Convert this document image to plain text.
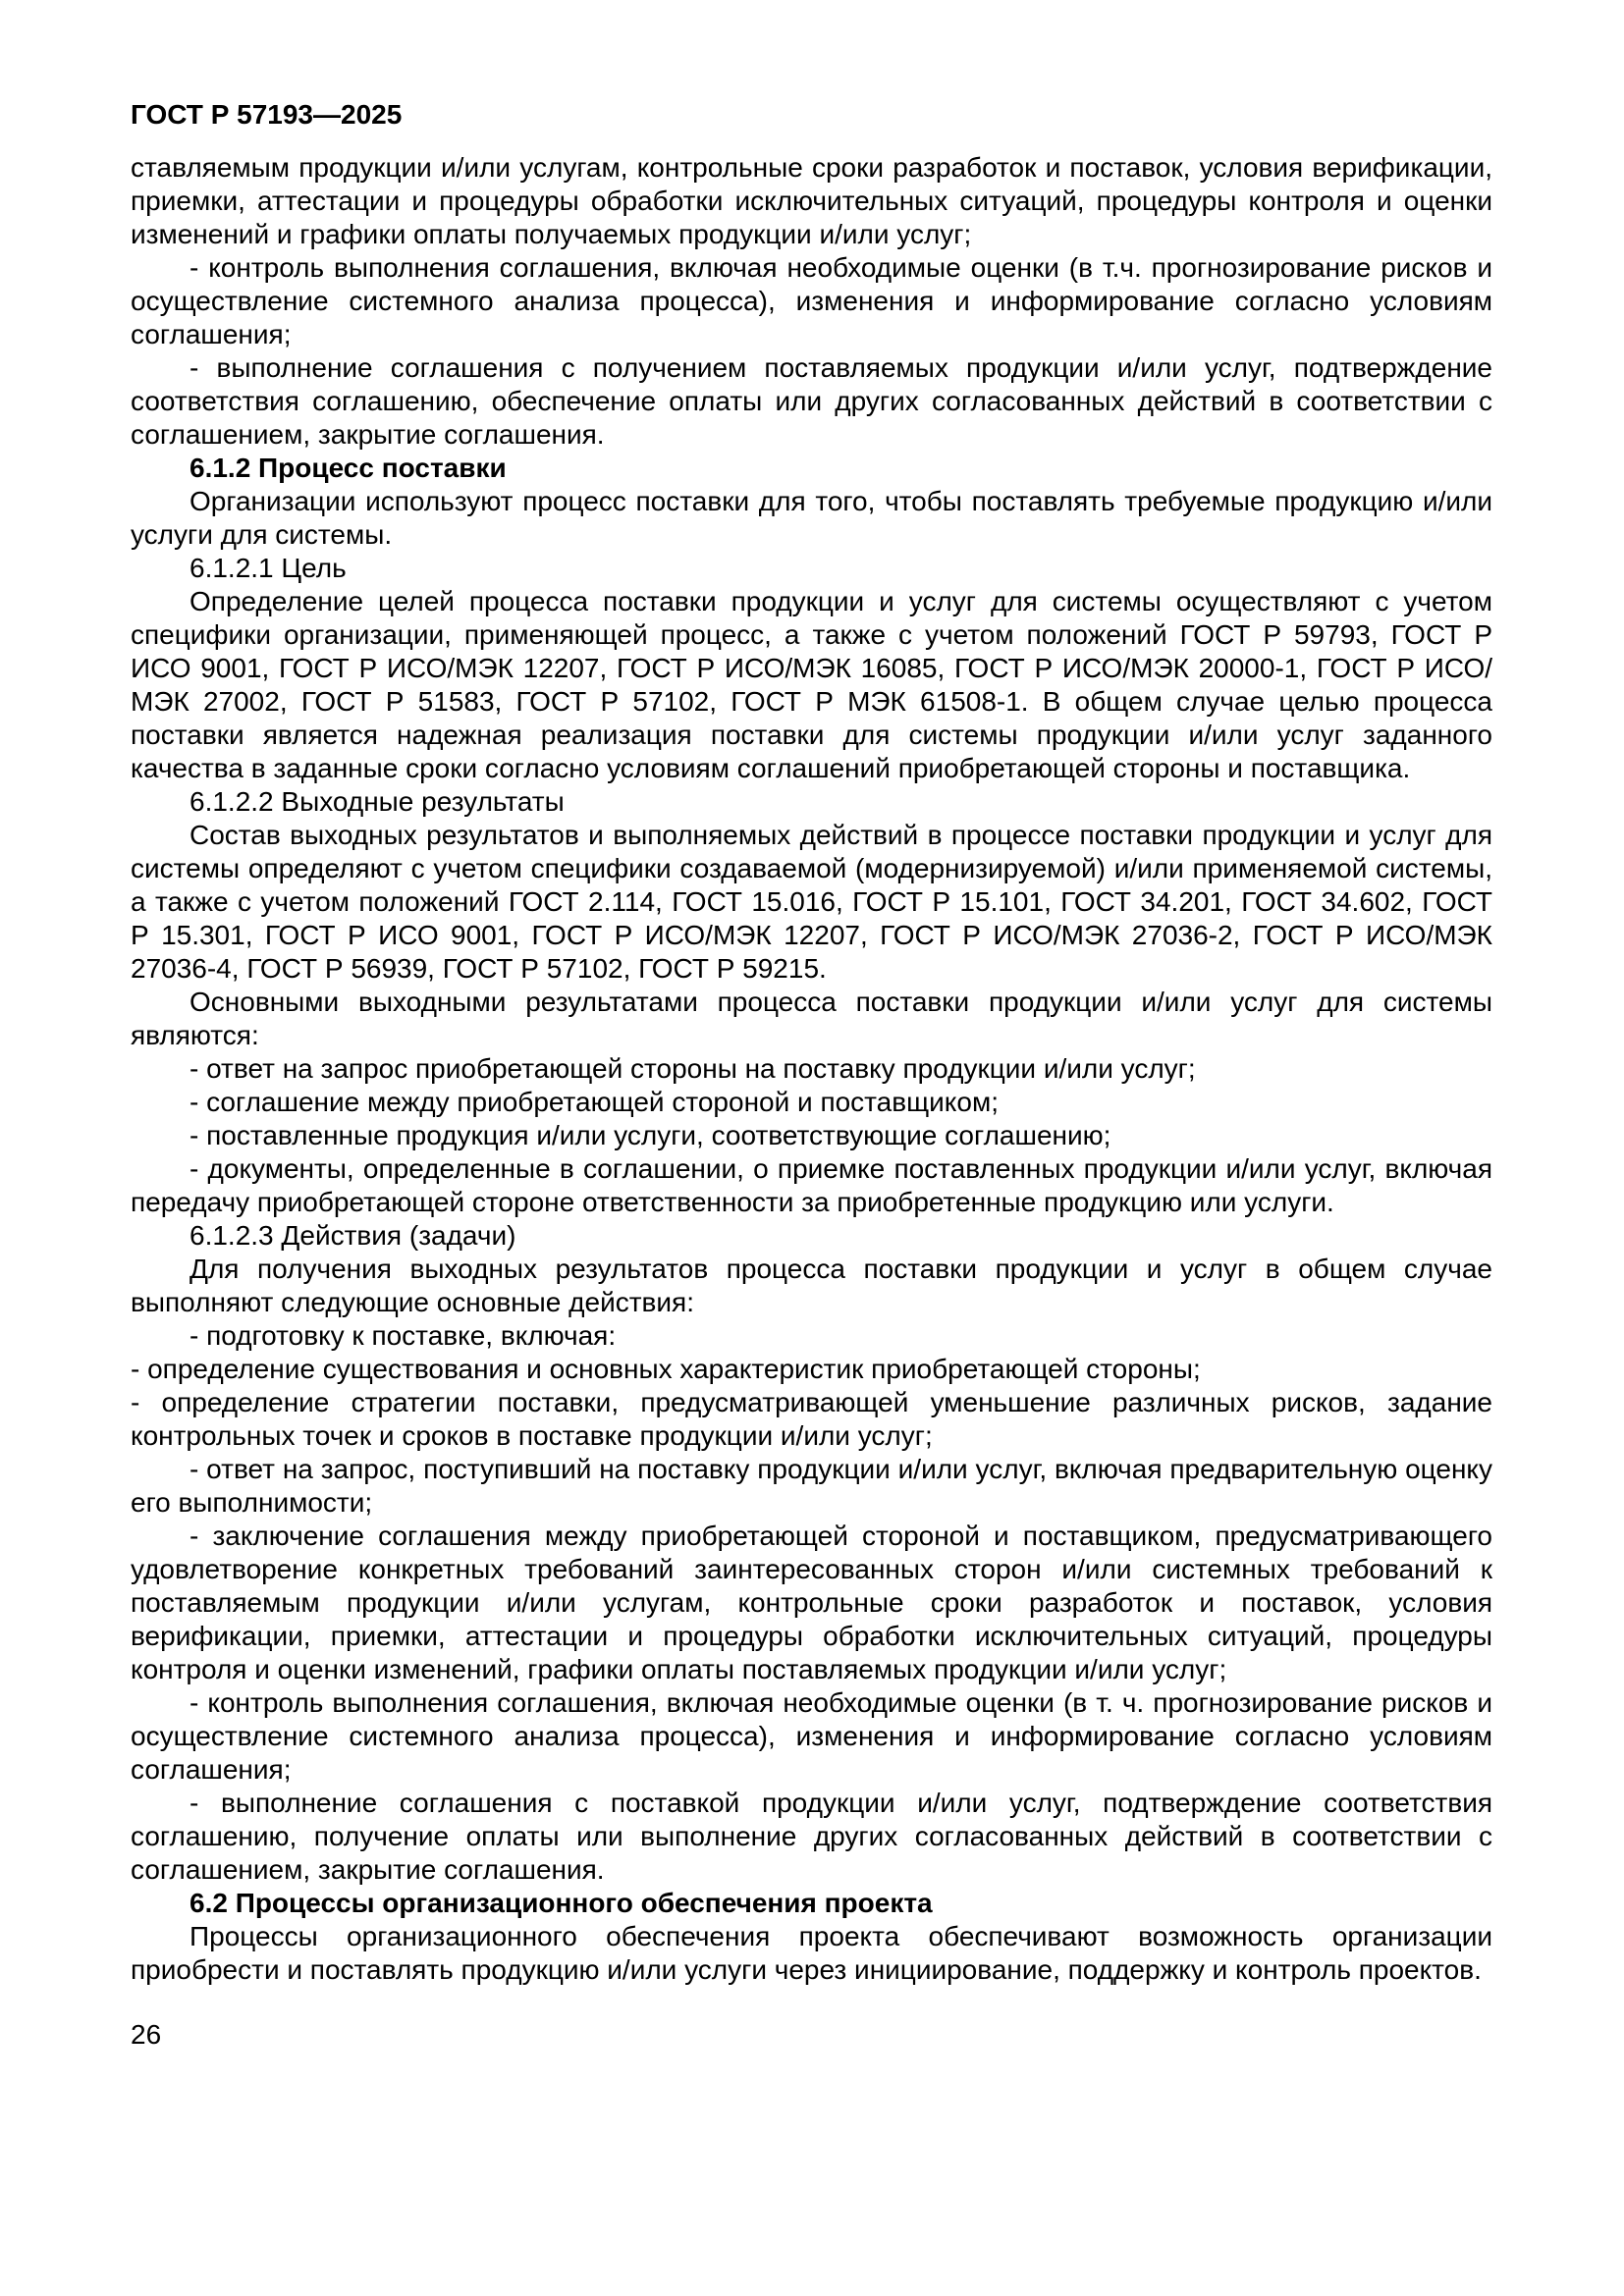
ГОСТ Р 57193—2025

ставляемым продукции и/или услугам, контрольные сроки разработок и поставок, условия верификации, приемки, аттестации и процедуры обработки исключительных ситуаций, процедуры контроля и оценки изменений и графики оплаты получаемых продукции и/или услуг;

- контроль выполнения соглашения, включая необходимые оценки (в т.ч. прогнозирование рисков и осуществление системного анализа процесса), изменения и информирование согласно условиям соглашения;

- выполнение соглашения с получением поставляемых продукции и/или услуг, подтверждение соответствия соглашению, обеспечение оплаты или других согласованных действий в соответствии с соглашением, закрытие соглашения.

6.1.2 Процесс поставки

Организации используют процесс поставки для того, чтобы поставлять требуемые продукцию и/или услуги для системы.

6.1.2.1 Цель

Определение целей процесса поставки продукции и услуг для системы осуществляют с учетом специфики организации, применяющей процесс, а также с учетом положений ГОСТ Р 59793, ГОСТ Р ИСО 9001, ГОСТ Р ИСО/МЭК 12207, ГОСТ Р ИСО/МЭК 16085, ГОСТ Р ИСО/МЭК 20000-1, ГОСТ Р ИСО/МЭК 27002, ГОСТ Р 51583, ГОСТ Р 57102, ГОСТ Р МЭК 61508-1. В общем случае целью процесса поставки является надежная реализация поставки для системы продукции и/или услуг заданного качества в заданные сроки согласно условиям соглашений приобретающей стороны и поставщика.

6.1.2.2 Выходные результаты

Состав выходных результатов и выполняемых действий в процессе поставки продукции и услуг для системы определяют с учетом специфики создаваемой (модернизируемой) и/или применяемой системы, а также с учетом положений ГОСТ 2.114, ГОСТ 15.016, ГОСТ Р 15.101, ГОСТ 34.201, ГОСТ 34.602, ГОСТ Р 15.301, ГОСТ Р ИСО 9001, ГОСТ Р ИСО/МЭК 12207, ГОСТ Р ИСО/МЭК 27036-2, ГОСТ Р ИСО/МЭК 27036-4, ГОСТ Р 56939, ГОСТ Р 57102, ГОСТ Р 59215.

Основными выходными результатами процесса поставки продукции и/или услуг для системы являются:

- ответ на запрос приобретающей стороны на поставку продукции и/или услуг;

- соглашение между приобретающей стороной и поставщиком;

- поставленные продукция и/или услуги, соответствующие соглашению;

- документы, определенные в соглашении, о приемке поставленных продукции и/или услуг, включая передачу приобретающей стороне ответственности за приобретенные продукцию или услуги.

6.1.2.3 Действия (задачи)

Для получения выходных результатов процесса поставки продукции и услуг в общем случае выполняют следующие основные действия:

- подготовку к поставке, включая:

- определение существования и основных характеристик приобретающей стороны;

- определение стратегии поставки, предусматривающей уменьшение различных рисков, задание контрольных точек и сроков в поставке продукции и/или услуг;

- ответ на запрос, поступивший на поставку продукции и/или услуг, включая предварительную оценку его выполнимости;

- заключение соглашения между приобретающей стороной и поставщиком, предусматривающего удовлетворение конкретных требований заинтересованных сторон и/или системных требований к поставляемым продукции и/или услугам, контрольные сроки разработок и поставок, условия верификации, приемки, аттестации и процедуры обработки исключительных ситуаций, процедуры контроля и оценки изменений, графики оплаты поставляемых продукции и/или услуг;

- контроль выполнения соглашения, включая необходимые оценки (в т. ч. прогнозирование рисков и осуществление системного анализа процесса), изменения и информирование согласно условиям соглашения;

- выполнение соглашения с поставкой продукции и/или услуг, подтверждение соответствия соглашению, получение оплаты или выполнение других согласованных действий в соответствии с соглашением, закрытие соглашения.

6.2 Процессы организационного обеспечения проекта

Процессы организационного обеспечения проекта обеспечивают возможность организации приобрести и поставлять продукцию и/или услуги через инициирование, поддержку и контроль проектов.

26
